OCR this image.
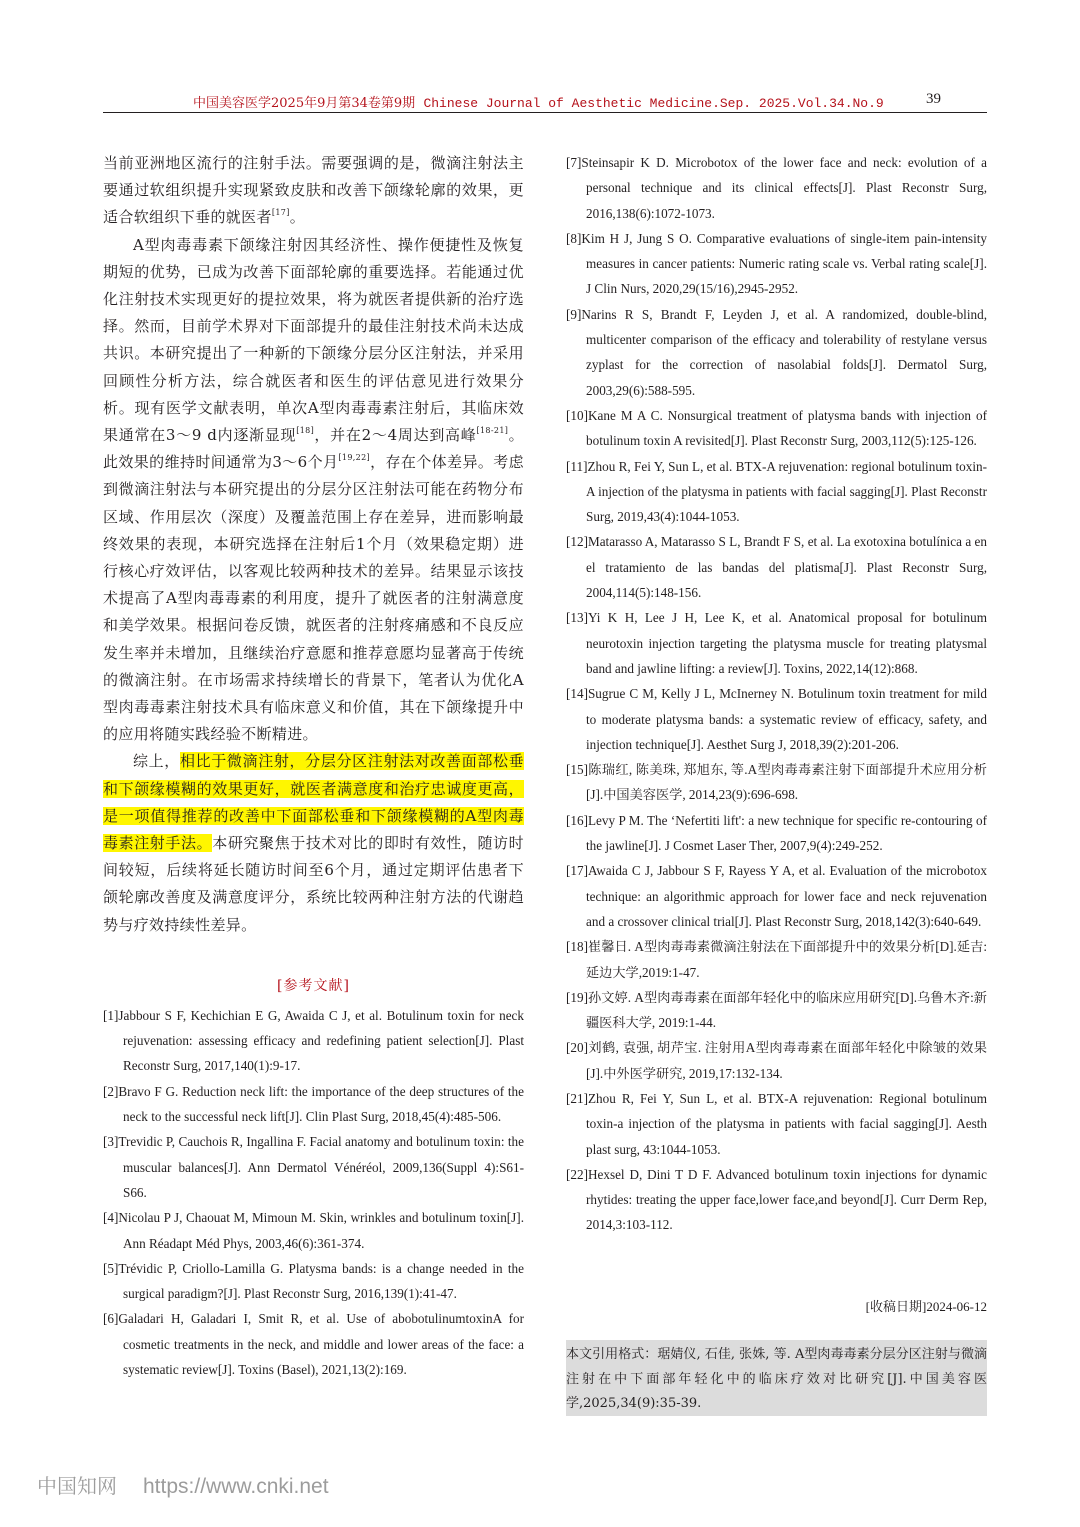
中国美容医学2025年9月第34卷第9期 Chinese Journal of Aesthetic Medicine.Sep. 2025.Vol.34.No.9	39

当前亚洲地区流行的注射手法。需要强调的是，微滴注射法主要通过软组织提升实现紧致皮肤和改善下颌缘轮廓的效果，更适合软组织下垂的就医者[17]。

A型肉毒毒素下颌缘注射因其经济性、操作便捷性及恢复期短的优势，已成为改善下面部轮廓的重要选择。若能通过优化注射技术实现更好的提拉效果，将为就医者提供新的治疗选择。然而，目前学术界对下面部提升的最佳注射技术尚未达成共识。本研究提出了一种新的下颌缘分层分区注射法，并采用回顾性分析方法，综合就医者和医生的评估意见进行效果分析。现有医学文献表明，单次A型肉毒毒素注射后，其临床效果通常在3～9 d内逐渐显现[18]，并在2～4周达到高峰[18-21]。此效果的维持时间通常为3～6个月[19,22]，存在个体差异。考虑到微滴注射法与本研究提出的分层分区注射法可能在药物分布区域、作用层次（深度）及覆盖范围上存在差异，进而影响最终效果的表现，本研究选择在注射后1个月（效果稳定期）进行核心疗效评估，以客观比较两种技术的差异。结果显示该技术提高了A型肉毒毒素的利用度，提升了就医者的注射满意度和美学效果。根据问卷反馈，就医者的注射疼痛感和不良反应发生率并未增加，且继续治疗意愿和推荐意愿均显著高于传统的微滴注射。在市场需求持续增长的背景下，笔者认为优化A型肉毒毒素注射技术具有临床意义和价值，其在下颌缘提升中的应用将随实践经验不断精进。

综上，相比于微滴注射，分层分区注射法对改善面部松垂和下颌缘模糊的效果更好，就医者满意度和治疗忠诚度更高，是一项值得推荐的改善中下面部松垂和下颌缘模糊的A型肉毒毒素注射手法。本研究聚焦于技术对比的即时有效性，随访时间较短，后续将延长随访时间至6个月，通过定期评估患者下颌轮廓改善度及满意度评分，系统比较两种注射方法的代谢趋势与疗效持续性差异。

[参考文献]

[1]Jabbour S F, Kechichian E G, Awaida C J, et al. Botulinum toxin for neck rejuvenation: assessing efficacy and redefining patient selection[J]. Plast Reconstr Surg, 2017,140(1):9-17.

[2]Bravo F G. Reduction neck lift: the importance of the deep structures of the neck to the successful neck lift[J]. Clin Plast Surg, 2018,45(4):485-506.

[3]Trevidic P, Cauchois R, Ingallina F. Facial anatomy and botulinum toxin: the muscular balances[J]. Ann Dermatol Vénéréol, 2009,136(Suppl 4):S61-S66.

[4]Nicolau P J, Chaouat M, Mimoun M. Skin, wrinkles and botulinum toxin[J]. Ann Réadapt Méd Phys, 2003,46(6):361-374.

[5]Trévidic P, Criollo-Lamilla G. Platysma bands: is a change needed in the surgical paradigm?[J]. Plast Reconstr Surg, 2016,139(1):41-47.

[6]Galadari H, Galadari I, Smit R, et al. Use of abobotulinumtoxinA for cosmetic treatments in the neck, and middle and lower areas of the face: a systematic review[J]. Toxins (Basel), 2021,13(2):169.

[7]Steinsapir K D. Microbotox of the lower face and neck: evolution of a personal technique and its clinical effects[J]. Plast Reconstr Surg, 2016,138(6):1072-1073.

[8]Kim H J, Jung S O. Comparative evaluations of single-item pain-intensity measures in cancer patients: Numeric rating scale vs. Verbal rating scale[J]. J Clin Nurs, 2020,29(15/16),2945-2952.

[9]Narins R S, Brandt F, Leyden J, et al. A randomized, double-blind, multicenter comparison of the efficacy and tolerability of restylane versus zyplast for the correction of nasolabial folds[J]. Dermatol Surg, 2003,29(6):588-595.

[10]Kane M A C. Nonsurgical treatment of platysma bands with injection of botulinum toxin A revisited[J]. Plast Reconstr Surg, 2003,112(5):125-126.

[11]Zhou R, Fei Y, Sun L, et al. BTX-A rejuvenation: regional botulinum toxin-A injection of the platysma in patients with facial sagging[J]. Plast Reconstr Surg, 2019,43(4):1044-1053.

[12]Matarasso A, Matarasso S L, Brandt F S, et al. La exotoxina botulínica a en el tratamiento de las bandas del platisma[J]. Plast Reconstr Surg, 2004,114(5):148-156.

[13]Yi K H, Lee J H, Lee K, et al. Anatomical proposal for botulinum neurotoxin injection targeting the platysma muscle for treating platysmal band and jawline lifting: a review[J]. Toxins, 2022,14(12):868.

[14]Sugrue C M, Kelly J L, McInerney N. Botulinum toxin treatment for mild to moderate platysma bands: a systematic review of efficacy, safety, and injection technique[J]. Aesthet Surg J, 2018,39(2):201-206.

[15]陈瑞红, 陈美珠, 郑旭东, 等.A型肉毒毒素注射下面部提升术应用分析[J].中国美容医学, 2014,23(9):696-698.

[16]Levy P M. The ‘Nefertiti lift': a new technique for specific re-contouring of the jawline[J]. J Cosmet Laser Ther, 2007,9(4):249-252.

[17]Awaida C J, Jabbour S F, Rayess Y A, et al. Evaluation of the microbotox technique: an algorithmic approach for lower face and neck rejuvenation and a crossover clinical trial[J]. Plast Reconstr Surg, 2018,142(3):640-649.

[18]崔馨日. A型肉毒毒素微滴注射法在下面部提升中的效果分析[D].延吉:延边大学,2019:1-47.

[19]孙文婷. A型肉毒毒素在面部年轻化中的临床应用研究[D].乌鲁木齐:新疆医科大学, 2019:1-44.

[20]刘鹤, 袁强, 胡芹宝. 注射用A型肉毒毒素在面部年轻化中除皱的效果[J].中外医学研究, 2019,17:132-134.

[21]Zhou R, Fei Y, Sun L, et al. BTX-A rejuvenation: Regional botulinum toxin-a injection of the platysma in patients with facial sagging[J]. Aesth plast surg, 43:1044-1053.

[22]Hexsel D, Dini T D F. Advanced botulinum toxin injections for dynamic rhytides: treating the upper face,lower face,and beyond[J]. Curr Derm Rep, 2014,3:103-112.

[收稿日期]2024-06-12
本文引用格式：琚婧仪, 石佳, 张姝, 等. A型肉毒毒素分层分区注射与微滴注射在中下面部年轻化中的临床疗效对比研究[J].中国美容医学,2025,34(9):35-39.
中国知网 https://www.cnki.net
